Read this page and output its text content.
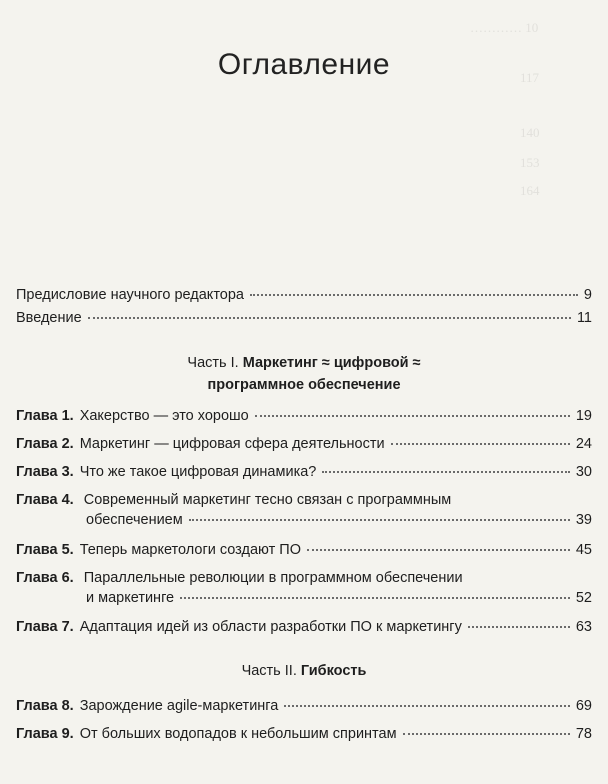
………… 10
117
140
153
164
Оглавление
Предисловие научного редактора	9
Введение	11
Часть I. Маркетинг ≈ цифровой ≈
программное обеспечение
Глава 1. Хакерство — это хорошо	19
Глава 2. Маркетинг — цифровая сфера деятельности	24
Глава 3. Что же такое цифровая динамика?	30
Глава 4. Современный маркетинг тесно связан с программным
обеспечением	39
Глава 5. Теперь маркетологи создают ПО	45
Глава 6. Параллельные революции в программном обеспечении
и маркетинге	52
Глава 7. Адаптация идей из области разработки ПО к маркетингу	63
Часть II. Гибкость
Глава 8. Зарождение agile-маркетинга	69
Глава 9. От больших водопадов к небольшим спринтам	78
